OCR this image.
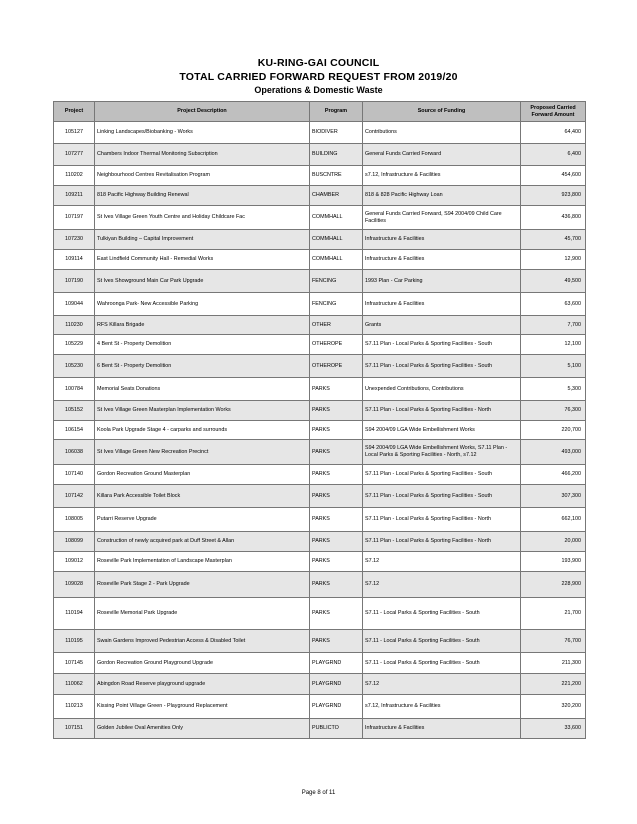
KU-RING-GAI COUNCIL
TOTAL CARRIED FORWARD REQUEST FROM 2019/20
Operations & Domestic Waste
Project	Project Description	Program	Source of Funding	Proposed Carried Forward Amount
105127	Linking Landscapes/Biobanking - Works	BIODIVER	Contributions	64,400
107277	Chambers Indoor Thermal Monitoring Subscription	BUILDING	General Funds Carried Forward	6,400
110202	Neighbourhood Centres Revitalisation Program	BUSCNTRE	s7.12, Infrastructure & Facilities	454,600
109211	818 Pacific Highway Building Renewal	CHAMBER	818 & 828 Pacific Highway Loan	923,800
107197	St Ives Village Green Youth Centre and Holiday Childcare Fac	COMMHALL	General Funds Carried Forward, S94 2004/09 Child Care Facilities	436,800
107230	Tulkiyan Building – Capital Improvement	COMMHALL	Infrastructure & Facilities	45,700
109114	East Lindfield Community Hall - Remedial Works	COMMHALL	Infrastructure & Facilities	12,900
107190	St Ives Showground Main Car Park Upgrade	FENCING	1993 Plan - Car Parking	49,500
109044	Wahroonga Park- New Accessible Parking	FENCING	Infrastructure & Facilities	63,600
110230	RFS Killara Brigade	OTHER	Grants	7,700
105229	4 Bent St - Property Demolition	OTHEROPE	S7.11 Plan - Local Parks & Sporting Facilities - South	12,100
105230	6 Bent St - Property Demolition	OTHEROPE	S7.11 Plan - Local Parks & Sporting Facilities - South	5,100
100784	Memorial Seats Donations	PARKS	Unexpended Contributions, Contributions	5,300
105152	St Ives Village Green Masterplan Implementation Works	PARKS	S7.11 Plan - Local Parks & Sporting Facilities - North	76,300
106154	Koola Park Upgrade Stage 4 - carparks and surrounds	PARKS	S94 2004/09 LGA Wide Embellishment Works	220,700
106038	St Ives Village Green New Recreation Precinct	PARKS	S94 2004/09 LGA Wide Embellishment Works, S7.11 Plan - Local Parks & Sporting Facilities - North, s7.12	493,000
107140	Gordon Recreation Ground Masterplan	PARKS	S7.11 Plan - Local Parks & Sporting Facilities - South	466,200
107142	Killara Park Accessible Toilet Block	PARKS	S7.11 Plan - Local Parks & Sporting Facilities - South	307,300
108005	Putarri Reserve Upgrade	PARKS	S7.11 Plan - Local Parks & Sporting Facilities - North	662,100
108099	Construction of newly acquired park at Duff Street & Allan	PARKS	S7.11 Plan - Local Parks & Sporting Facilities - North	20,000
109012	Roseville Park Implementation of Landscape Masterplan	PARKS	S7.12	193,900
109028	Roseville Park Stage 2 - Park Upgrade	PARKS	S7.12	228,900
110194	Roseville Memorial Park Upgrade	PARKS	S7.11 - Local Parks & Sporting Facilities - South	21,700
110195	Swain Gardens Improved Pedestrian Access & Disabled Toilet	PARKS	S7.11 - Local Parks & Sporting Facilities - South	76,700
107145	Gordon Recreation Ground Playground Upgrade	PLAYGRND	S7.11 - Local Parks & Sporting Facilities - South	211,300
110062	Abingdon Road Reserve playground upgrade	PLAYGRND	S7.12	221,200
110213	Kissing Point Village Green - Playground Replacement	PLAYGRND	s7.12, Infrastructure & Facilities	320,200
107151	Golden Jubilee Oval Amenities Only	PUBLICTO	Infrastructure & Facilities	33,600
Page 8 of 11
